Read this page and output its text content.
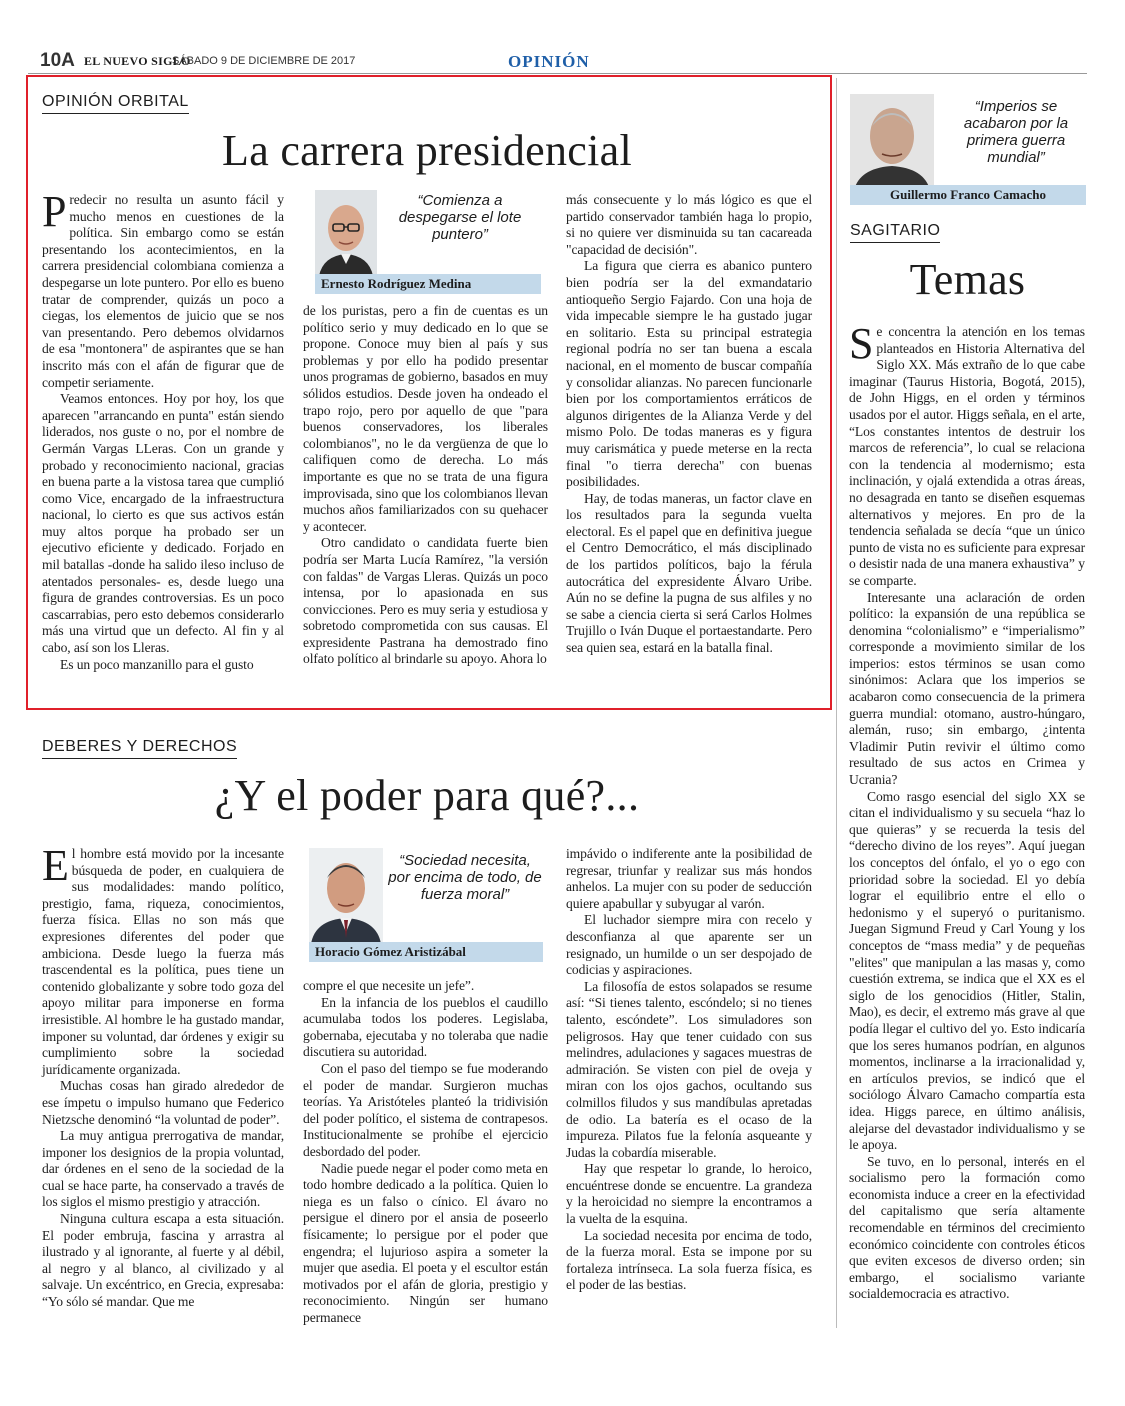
10A EL NUEVO SIGLO
SÁBADO 9 DE DICIEMBRE DE 2017	OPINIÓN
OPINIÓN ORBITAL
La carrera presidencial

Predecir no resulta un asunto fácil y mucho menos en cuestiones de la política. Sin embargo como se están presentando los acontecimientos, en la carrera presidencial colombiana comienza a despegarse un lote puntero. Por ello es bueno tratar de comprender, quizás un poco a ciegas, los elementos de juicio que se nos van presentando. Pero debemos olvidarnos de esa "montonera" de aspirantes que se han inscrito más con el afán de figurar que de competir seriamente.

Veamos entonces. Hoy por hoy, los que aparecen "arrancando en punta" están siendo liderados, nos guste o no, por el nombre de Germán Vargas LLeras. Con un grande y probado y reconocimiento nacional, gracias en buena parte a la vistosa tarea que cumplió como Vice, encargado de la infraestructura nacional, lo cierto es que sus activos están muy altos porque ha probado ser un ejecutivo eficiente y dedicado. Forjado en mil batallas -donde ha salido ileso incluso de atentados personales- es, desde luego una figura de grandes controversias. Es un poco cascarrabias, pero esto debemos considerarlo más una virtud que un defecto. Al fin y al cabo, así son los Lleras.

Es un poco manzanillo para el gusto

“Comienza a despegarse el lote puntero”
Ernesto Rodríguez Medina

de los puristas, pero a fin de cuentas es un político serio y muy dedicado en lo que se propone. Conoce muy bien al país y sus problemas y por ello ha podido presentar unos programas de gobierno, basados en muy sólidos estudios. Desde joven ha ondeado el trapo rojo, pero por aquello de que "para buenos conservadores, los liberales colombianos", no le da vergüenza de que lo califiquen como de derecha. Lo más importante es que no se trata de una figura improvisada, sino que los colombianos llevan muchos años familiarizados con su quehacer y acontecer.

Otro candidato o candidata fuerte bien podría ser Marta Lucía Ramírez, "la versión con faldas" de Vargas Lleras. Quizás un poco intensa, por lo apasionada en sus convicciones. Pero es muy seria y estudiosa y sobretodo comprometida con sus causas. El expresidente Pastrana ha demostrado fino olfato político al brindarle su apoyo. Ahora lo

más consecuente y lo más lógico es que el partido conservador también haga lo propio, si no quiere ver disminuida su tan cacareada "capacidad de decisión".

La figura que cierra es abanico puntero bien podría ser la del exmandatario antioqueño Sergio Fajardo. Con una hoja de vida impecable siempre le ha gustado jugar en solitario. Esta su principal estrategia regional podría no ser tan buena a escala nacional, en el momento de buscar compañía y consolidar alianzas. No parecen funcionarle bien por los comportamientos erráticos de algunos dirigentes de la Alianza Verde y del mismo Polo. De todas maneras es y figura muy carismática y puede meterse en la recta final "o tierra derecha" con buenas posibilidades.

Hay, de todas maneras, un factor clave en los resultados para la segunda vuelta electoral. Es el papel que en definitiva juegue el Centro Democrático, el más disciplinado de los partidos políticos, bajo la férula autocrática del expresidente Álvaro Uribe. Aún no se define la pugna de sus alfiles y no se sabe a ciencia cierta si será Carlos Holmes Trujillo o Iván Duque el portaestandarte. Pero sea quien sea, estará en la batalla final.

DEBERES Y DERECHOS
¿Y el poder para qué?...

El hombre está movido por la incesante búsqueda de poder, en cualquiera de sus modalidades: mando político, prestigio, fama, riqueza, conocimientos, fuerza física. Ellas no son más que expresiones diferentes del poder que ambiciona. Desde luego la fuerza más trascendental es la política, pues tiene un contenido globalizante y sobre todo goza del apoyo militar para imponerse en forma irresistible. Al hombre le ha gustado mandar, imponer su voluntad, dar órdenes y exigir su cumplimiento sobre la sociedad jurídicamente organizada.

Muchas cosas han girado alrededor de ese ímpetu o impulso humano que Federico Nietzsche denominó “la voluntad de poder”.

La muy antigua prerrogativa de mandar, imponer los designios de la propia voluntad, dar órdenes en el seno de la sociedad de la cual se hace parte, ha conservado a través de los siglos el mismo prestigio y atracción.

Ninguna cultura escapa a esta situación. El poder embruja, fascina y arrastra al ilustrado y al ignorante, al fuerte y al débil, al negro y al blanco, al civilizado y al salvaje. Un excéntrico, en Grecia, expresaba: “Yo sólo sé mandar. Que me

“Sociedad necesita, por encima de todo, de fuerza moral”
Horacio Gómez Aristizábal

compre el que necesite un jefe”.

En la infancia de los pueblos el caudillo acumulaba todos los poderes. Legislaba, gobernaba, ejecutaba y no toleraba que nadie discutiera su autoridad.

Con el paso del tiempo se fue moderando el poder de mandar. Surgieron muchas teorías. Ya Aristóteles planteó la tridivisión del poder político, el sistema de contrapesos. Institucionalmente se prohíbe el ejercicio desbordado del poder.

Nadie puede negar el poder como meta en todo hombre dedicado a la política. Quien lo niega es un falso o cínico. El ávaro no persigue el dinero por el ansia de poseerlo físicamente; lo persigue por el poder que engendra; el lujurioso aspira a someter la mujer que asedia. El poeta y el escultor están motivados por el afán de gloria, prestigio y reconocimiento. Ningún ser humano permanece

impávido o indiferente ante la posibilidad de regresar, triunfar y realizar sus más hondos anhelos. La mujer con su poder de seducción quiere apabullar y subyugar al varón.

El luchador siempre mira con recelo y desconfianza al que aparente ser un resignado, un humilde o un ser despojado de codicias y aspiraciones.

La filosofía de estos solapados se resume así: “Si tienes talento, escóndelo; si no tienes talento, escóndete”. Los simuladores son peligrosos. Hay que tener cuidado con sus melindres, adulaciones y sagaces muestras de admiración. Se visten con piel de oveja y miran con los ojos gachos, ocultando sus colmillos filudos y sus mandíbulas apretadas de odio. La batería es el ocaso de la impureza. Pilatos fue la felonía asqueante y Judas la cobardía miserable.

Hay que respetar lo grande, lo heroico, encuéntrese donde se encuentre. La grandeza y la heroicidad no siempre la encontramos a la vuelta de la esquina.

La sociedad necesita por encima de todo, de la fuerza moral. Esta se impone por su fortaleza intrínseca. La sola fuerza física, es el poder de las bestias.

“Imperios se acabaron por la primera guerra mundial”
Guillermo Franco Camacho
SAGITARIO
Temas

Se concentra la atención en los temas planteados en Historia Alternativa del Siglo XX. Más extraño de lo que cabe imaginar (Taurus Historia, Bogotá, 2015), de John Higgs, en el orden y términos usados por el autor. Higgs señala, en el arte, “Los constantes intentos de destruir los marcos de referencia”, lo cual se relaciona con la tendencia al modernismo; esta inclinación, y ojalá extendida a otras áreas, no desagrada en tanto se diseñen esquemas alternativos y mejores. En pro de la tendencia señalada se decía “que un único punto de vista no es suficiente para expresar o desistir nada de una manera exhaustiva” y se comparte.

Interesante una aclaración de orden político: la expansión de una república se denomina “colonialismo” e “imperialismo” corresponde a movimiento similar de los imperios: estos términos se usan como sinónimos: Aclara que los imperios se acabaron como consecuencia de la primera guerra mundial: otomano, austro-húngaro, alemán, ruso; sin embargo, ¿intenta Vladimir Putin revivir el último como resultado de sus actos en Crimea y Ucrania?

Como rasgo esencial del siglo XX se citan el individualismo y su secuela “haz lo que quieras” y se recuerda la tesis del “derecho divino de los reyes”. Aquí juegan los conceptos del ónfalo, el yo o ego con prioridad sobre la sociedad. El yo debía lograr el equilibrio entre el ello o hedonismo y el superyó o puritanismo. Juegan Sigmund Freud y Carl Young y los conceptos de “mass media” y de pequeñas "elites" que manipulan a las masas y, como cuestión extrema, se indica que el XX es el siglo de los genocidios (Hitler, Stalin, Mao), es decir, el extremo más grave al que podía llegar el cultivo del yo. Esto indicaría que los seres humanos podrían, en algunos momentos, inclinarse a la irracionalidad y, en artículos previos, se indicó que el sociólogo Álvaro Camacho compartía esta idea. Higgs parece, en último análisis, alejarse del devastador individualismo y se le apoya.

Se tuvo, en lo personal, interés en el socialismo pero la formación como economista induce a creer en la efectividad del capitalismo que sería altamente recomendable en términos del crecimiento económico coincidente con controles éticos que eviten excesos de diverso orden; sin embargo, el socialismo variante socialdemocracia es atractivo.
